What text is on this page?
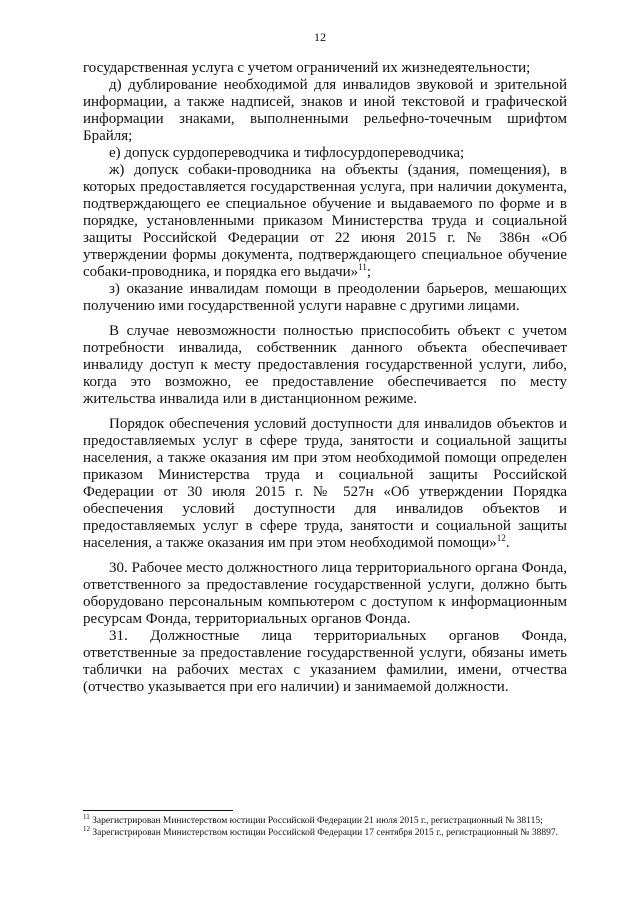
12

государственная услуга с учетом ограничений их жизнедеятельности;

д) дублирование необходимой для инвалидов звуковой и зрительной информации, а также надписей, знаков и иной текстовой и графической информации знаками, выполненными рельефно-точечным шрифтом Брайля;

е) допуск сурдопереводчика и тифлосурдопереводчика;

ж) допуск собаки-проводника на объекты (здания, помещения), в которых предоставляется государственная услуга, при наличии документа, подтверждающего ее специальное обучение и выдаваемого по форме и в порядке, установленными приказом Министерства труда и социальной защиты Российской Федерации от 22 июня 2015 г. № 386н «Об утверждении формы документа, подтверждающего специальное обучение собаки-проводника, и порядка его выдачи»$^{11}$;

з) оказание инвалидам помощи в преодолении барьеров, мешающих получению ими государственной услуги наравне с другими лицами.

В случае невозможности полностью приспособить объект с учетом потребности инвалида, собственник данного объекта обеспечивает инвалиду доступ к месту предоставления государственной услуги, либо, когда это возможно, ее предоставление обеспечивается по месту жительства инвалида или в дистанционном режиме.

Порядок обеспечения условий доступности для инвалидов объектов и предоставляемых услуг в сфере труда, занятости и социальной защиты населения, а также оказания им при этом необходимой помощи определен приказом Министерства труда и социальной защиты Российской Федерации от 30 июля 2015 г. № 527н «Об утверждении Порядка обеспечения условий доступности для инвалидов объектов и предоставляемых услуг в сфере труда, занятости и социальной защиты населения, а также оказания им при этом необходимой помощи»$^{12}$.

30. Рабочее место должностного лица территориального органа Фонда, ответственного за предоставление государственной услуги, должно быть оборудовано персональным компьютером с доступом к информационным ресурсам Фонда, территориальных органов Фонда.

31. Должностные лица территориальных органов Фонда, ответственные за предоставление государственной услуги, обязаны иметь таблички на рабочих местах с указанием фамилии, имени, отчества (отчество указывается при его наличии) и занимаемой должности.

$^{11}$ Зарегистрирован Министерством юстиции Российской Федерации 21 июля 2015 г., регистрационный № 38115;
$^{12}$ Зарегистрирован Министерством юстиции Российской Федерации 17 сентября 2015 г., регистрационный № 38897.
